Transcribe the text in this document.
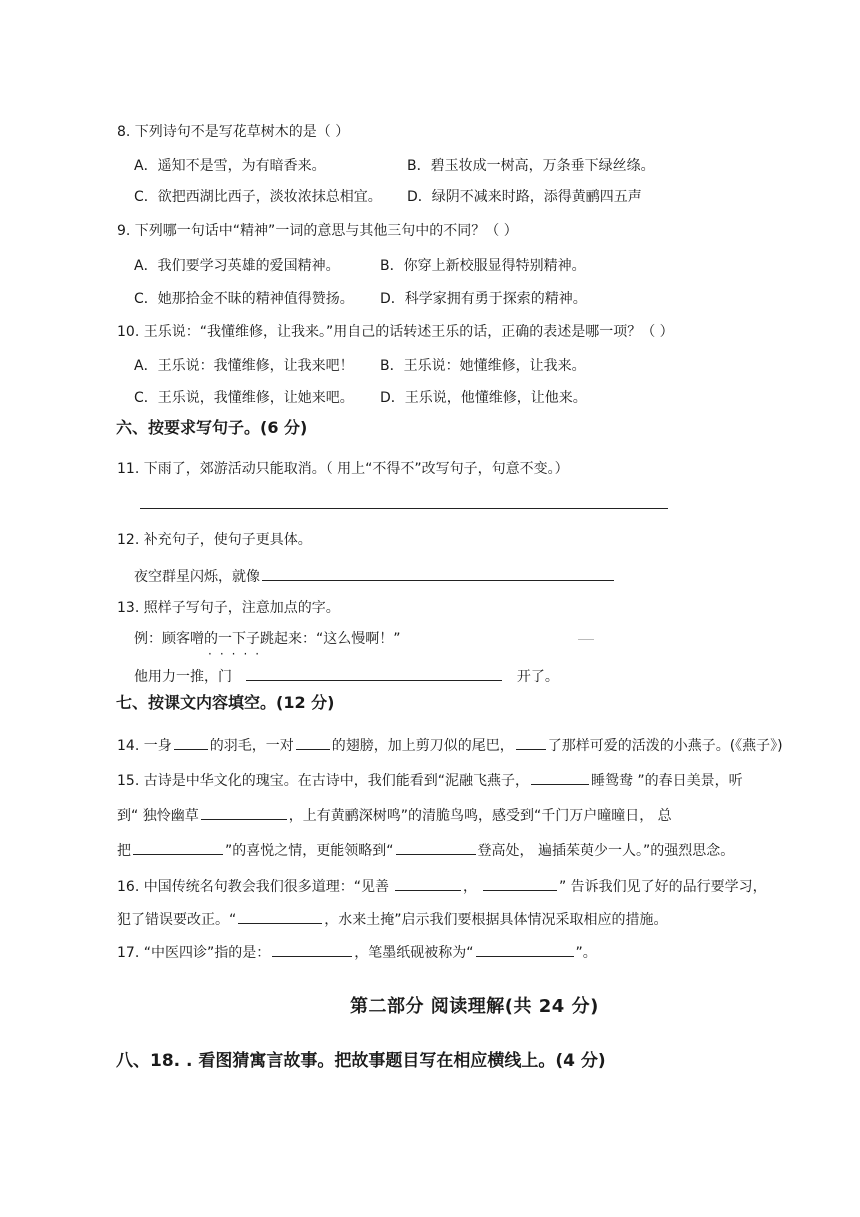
8. 下列诗句不是写花草树木的是（ ）
A．遥知不是雪，为有暗香来。	B．碧玉妆成一树高，万条垂下绿丝绦。
C．欲把西湖比西子，淡妆浓抹总相宜。 D．绿阴不减来时路，添得黄鹂四五声
9. 下列哪一句话中“精神”一词的意思与其他三句中的不同？（ ）
A．我们要学习英雄的爱国精神。	B．你穿上新校服显得特别精神。
C．她那拾金不昧的精神值得赞扬。 D．科学家拥有勇于探索的精神。
10. 王乐说：“我懂维修，让我来。”用自己的话转述王乐的话，正确的表述是哪一项？（ ）
A．王乐说：我懂维修，让我来吧！ B．王乐说：她懂维修，让我来。
C．王乐说，我懂维修，让她来吧。 D．王乐说，他懂维修，让他来。
六、按要求写句子。(6 分)
11. 下雨了，郊游活动只能取消。（ 用上“不得不”改写句子，句意不变。）
12. 补充句子，使句子更具体。
夜空群星闪烁，就像
13. 照样子写句子，注意加点的字。
例：顾客噌的一下子跳起来：“这么慢啊！”
·····
他用力一推，门	开了。
七、按课文内容填空。(12 分)
14. 一身	的羽毛，一对	的翅膀，加上剪刀似的尾巴， 了那样可爱的活泼的小燕子。(《燕子》)
15. 古诗是中华文化的瑰宝。在古诗中，我们能看到“泥融飞燕子，	睡鸳鸯 ”的春日美景，听
到“ 独怜幽草	，上有黄鹂深树鸣”的清脆鸟鸣，感受到“千门万户曈曈日， 总
把	”的喜悦之情，更能领略到“	登高处， 遍插茱萸少一人。”的强烈思念。
16. 中国传统名句教会我们很多道理：“见善	，	” 告诉我们见了好的品行要学习，
犯了错误要改正。“	，水来土掩”启示我们要根据具体情况采取相应的措施。
17. “中医四诊”指的是：	，笔墨纸砚被称为“	”。
第二部分 阅读理解(共 24 分)
八、18. . 看图猜寓言故事。把故事题目写在相应横线上。(4 分)
